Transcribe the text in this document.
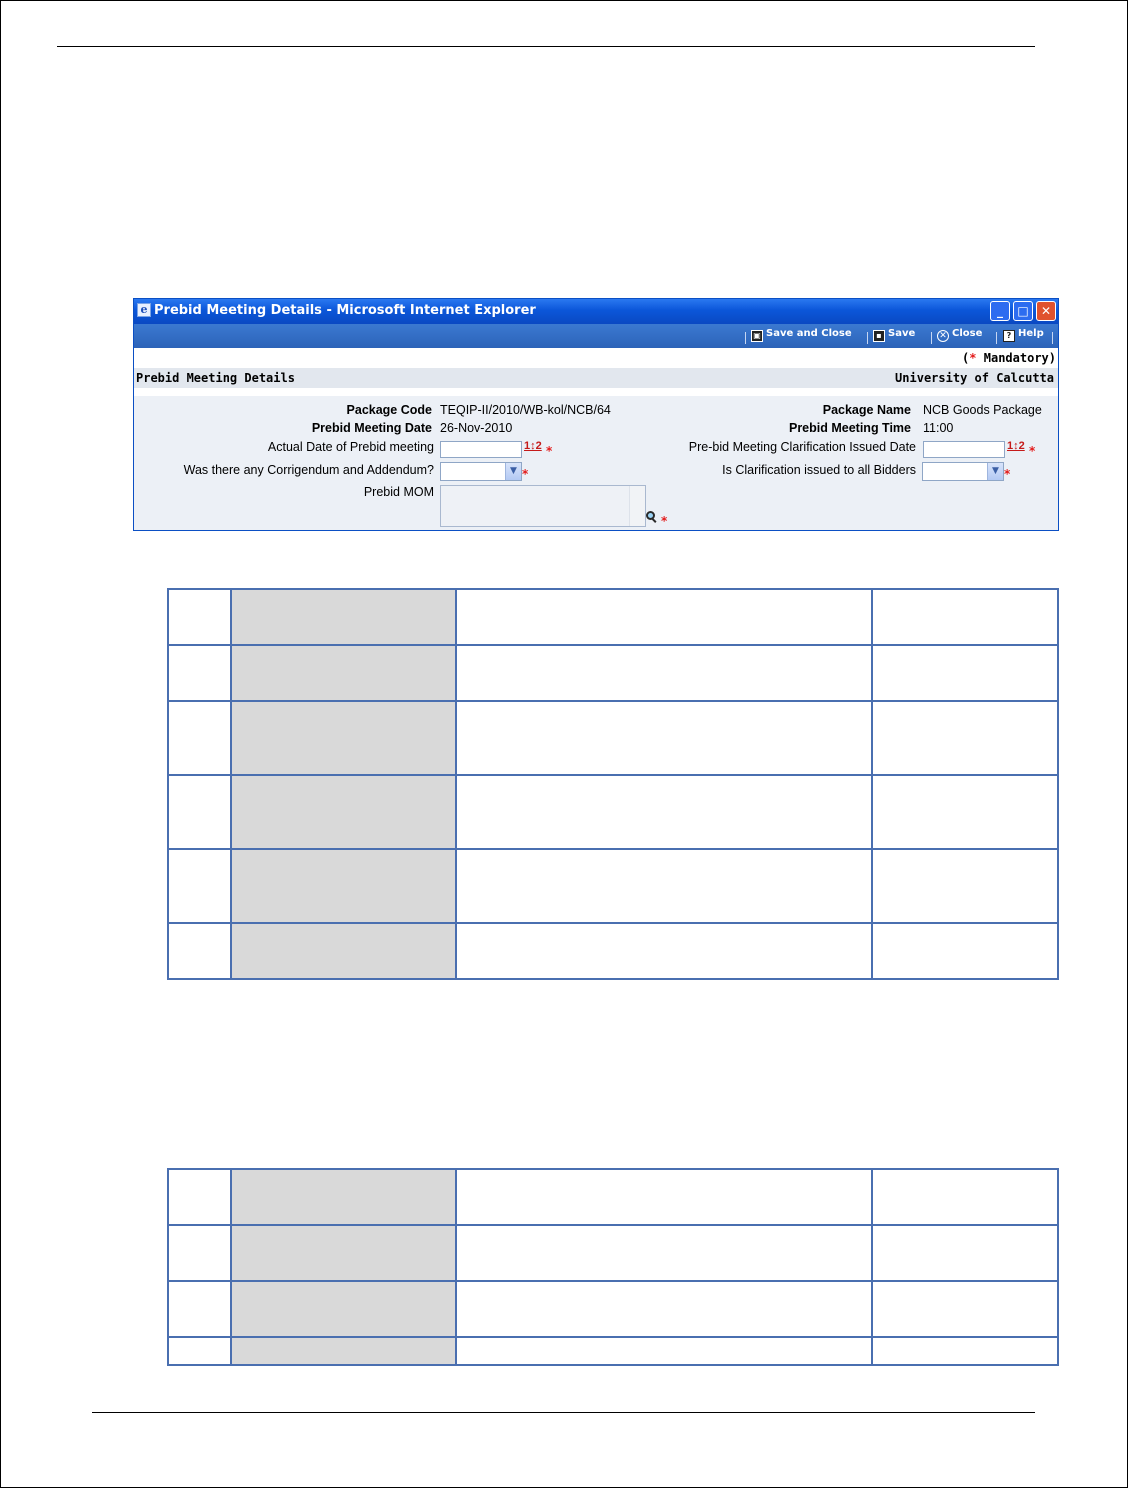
e Prebid Meeting Details - Microsoft Internet Explorer	_	□	✕
▣ Save and Close	▪ Save	✕ Close	? Help
(* Mandatory)
Prebid Meeting Details	University of Calcutta
Package Code TEQIP-II/2010/WB-kol/NCB/64	Package Name NCB Goods Package
Prebid Meeting Date 26-Nov-2010	Prebid Meeting Time 11:00
Actual Date of Prebid meeting	1↕2 *	Pre-bid Meeting Clarification Issued Date	1↕2 *
Was there any Corrigendum and Addendum?	▼ *	Is Clarification issued to all Bidders	▼ *
Prebid MOM
*
